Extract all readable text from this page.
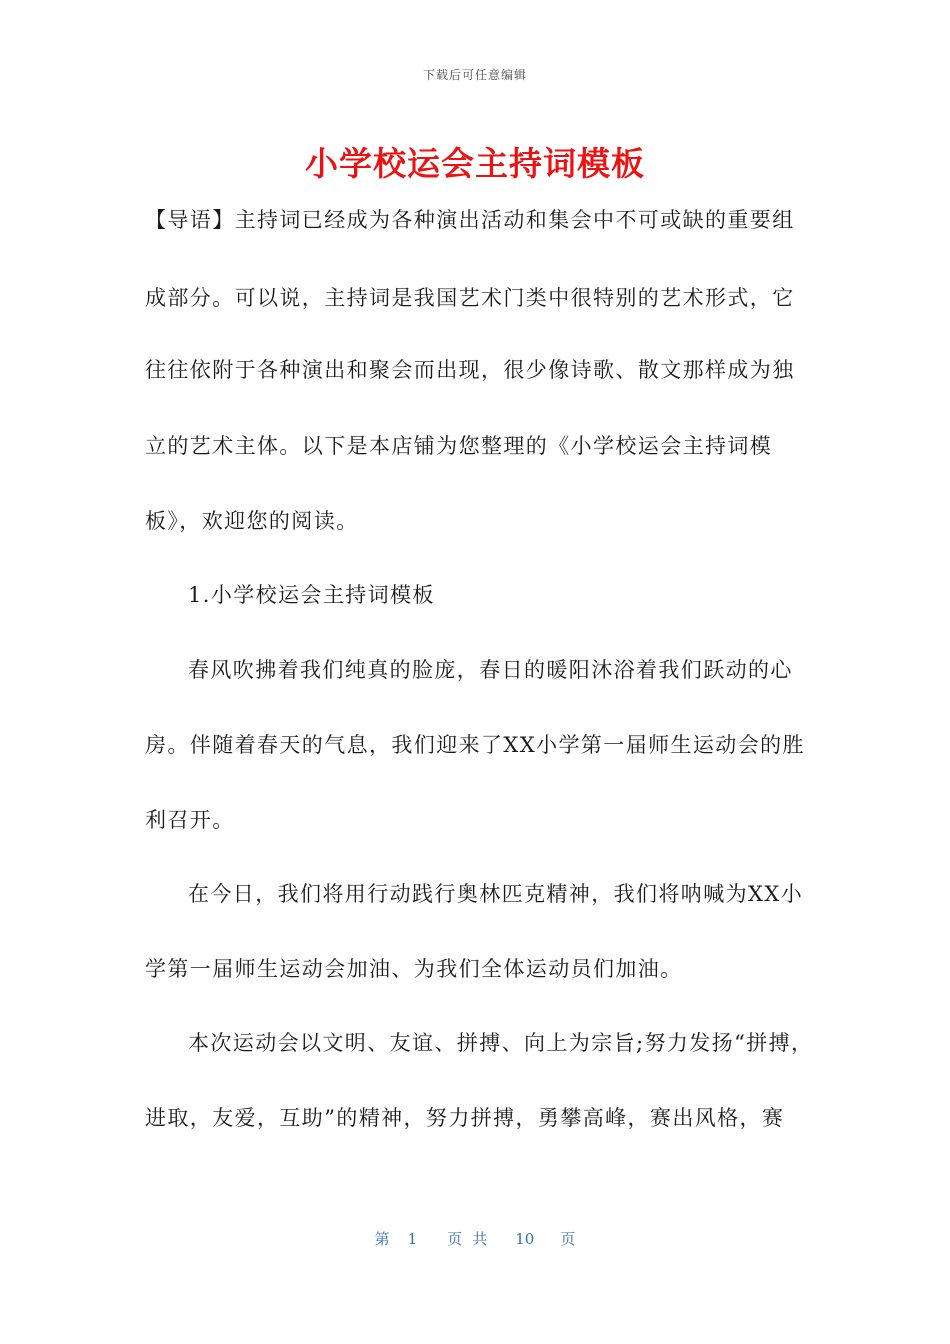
下载后可任意编辑
小学校运会主持词模板
【导语】主持词已经成为各种演出活动和集会中不可或缺的重要组
成部分。可以说，主持词是我国艺术门类中很特别的艺术形式，它
往往依附于各种演出和聚会而出现，很少像诗歌、散文那样成为独
立的艺术主体。以下是本店铺为您整理的《小学校运会主持词模
板》，欢迎您的阅读。
1.小学校运会主持词模板
春风吹拂着我们纯真的脸庞，春日的暖阳沐浴着我们跃动的心
房。伴随着春天的气息，我们迎来了XX小学第一届师生运动会的胜
利召开。
在今日，我们将用行动践行奥林匹克精神，我们将呐喊为XX小
学第一届师生运动会加油、为我们全体运动员们加油。
本次运动会以文明、友谊、拼搏、向上为宗旨;努力发扬“拼搏，
进取，友爱，互助”的精神，努力拼搏，勇攀高峰，赛出风格，赛
第 1 页共 10 页
